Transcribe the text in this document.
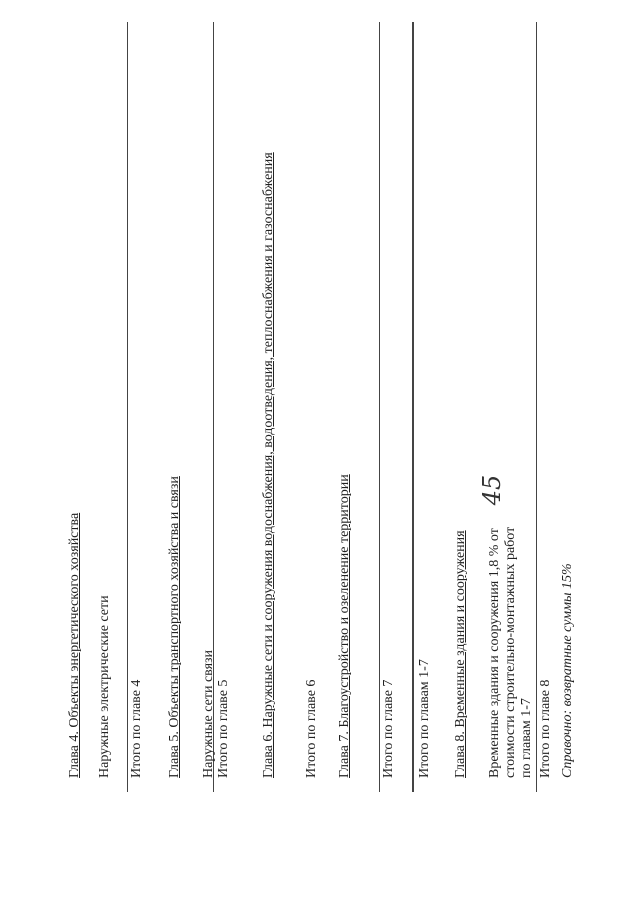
45
Глава 4. Объекты энергетического хозяйства Наружные электрические сети Итого по главе 4 Глава 5. Объекты транспортного хозяйства и связи Наружные сети связи Итого по главе 5 Глава 6. Наружные сети и сооружения водоснабжения, водоотведения, теплоснабжения и газоснабжения Итого по главе 6 Глава 7. Благоустройство и озеленение территории Итого по главе 7 Итого по главам 1-7 Глава 8. Временные здания и сооружения Временные здания и сооружения 1,8 % от стоимости строительно-монтажных работ по главам 1-7 Итого по главе 8 Справочно: возвратные суммы 15%
